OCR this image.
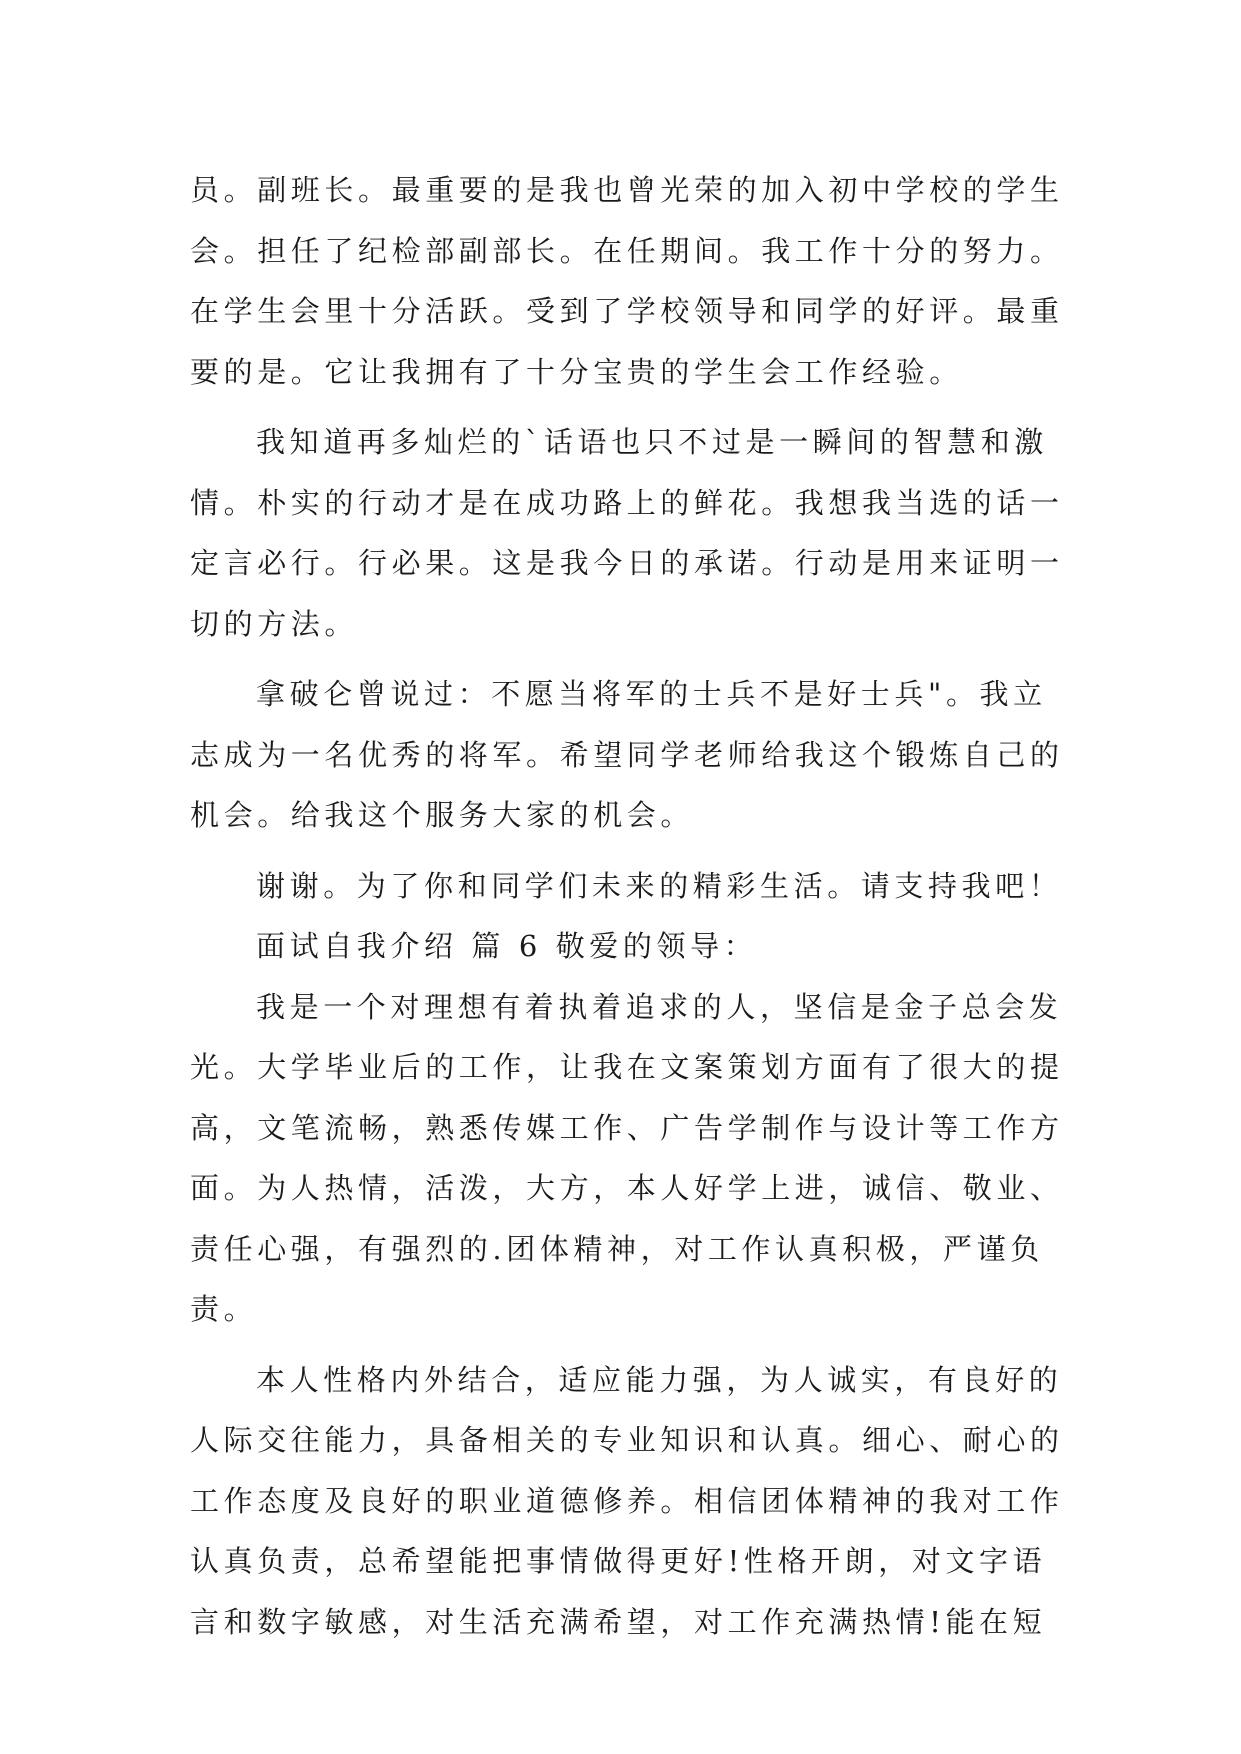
员。副班长。最重要的是我也曾光荣的加入初中学校的学生
会。担任了纪检部副部长。在任期间。我工作十分的努力。
在学生会里十分活跃。受到了学校领导和同学的好评。最重
要的是。它让我拥有了十分宝贵的学生会工作经验。
我知道再多灿烂的`话语也只不过是一瞬间的智慧和激
情。朴实的行动才是在成功路上的鲜花。我想我当选的话一
定言必行。行必果。这是我今日的承诺。行动是用来证明一
切的方法。
拿破仑曾说过：不愿当将军的士兵不是好士兵"。我立
志成为一名优秀的将军。希望同学老师给我这个锻炼自己的
机会。给我这个服务大家的机会。
谢谢。为了你和同学们未来的精彩生活。请支持我吧！
面试自我介绍 篇 6 敬爱的领导：
我是一个对理想有着执着追求的人，坚信是金子总会发
光。大学毕业后的工作，让我在文案策划方面有了很大的提
高，文笔流畅，熟悉传媒工作、广告学制作与设计等工作方
面。为人热情，活泼，大方，本人好学上进，诚信、敬业、
责任心强，有强烈的.团体精神，对工作认真积极，严谨负
责。
本人性格内外结合，适应能力强，为人诚实，有良好的
人际交往能力，具备相关的专业知识和认真。细心、耐心的
工作态度及良好的职业道德修养。相信团体精神的我对工作
认真负责，总希望能把事情做得更好!性格开朗，对文字语
言和数字敏感，对生活充满希望，对工作充满热情!能在短
